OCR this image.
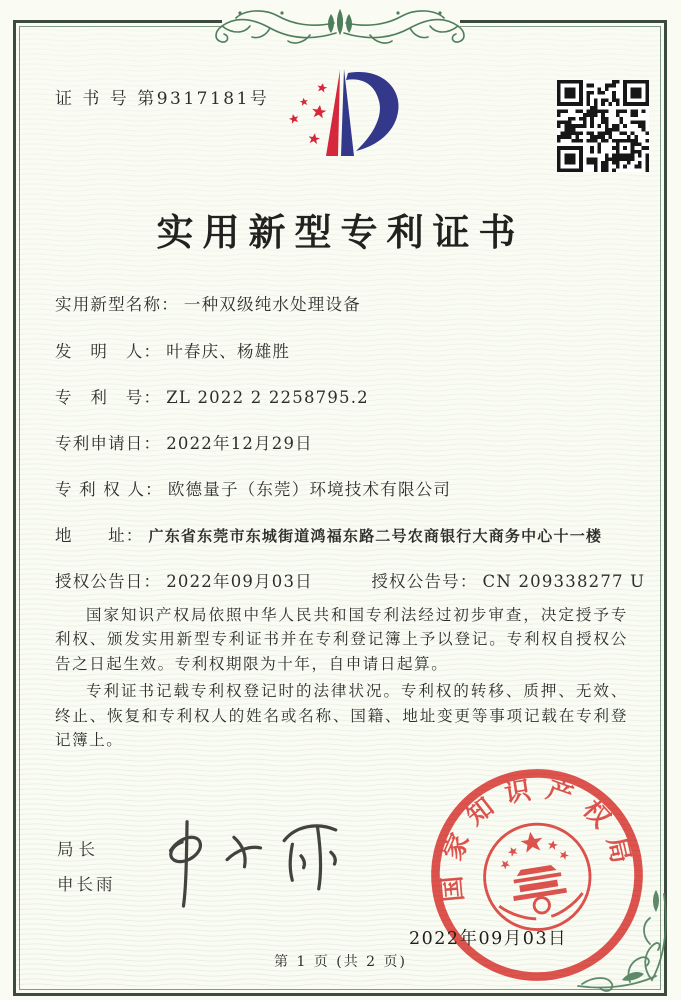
证 书 号 第9317181号
实用新型专利证书
实用新型名称： 一种双级纯水处理设备
发　明　人： 叶春庆、杨雄胜
专　利　号： ZL 2022 2 2258795.2
专利申请日： 2022年12月29日
专 利 权 人： 欧德量子（东莞）环境技术有限公司
地　　址： 广东省东莞市东城街道鸿福东路二号农商银行大商务中心十一楼
授权公告日： 2022年09月03日	授权公告号： CN 209338277 U

国家知识产权局依照中华人民共和国专利法经过初步审查，决定授予专利权、颁发实用新型专利证书并在专利登记簿上予以登记。专利权自授权公告之日起生效。专利权期限为十年，自申请日起算。

专利证书记载专利权登记时的法律状况。专利权的转移、质押、无效、终止、恢复和专利权人的姓名或名称、国籍、地址变更等事项记载在专利登记簿上。

局长
申长雨	国家知识产权局
2022年09月03日
第 1 页 (共 2 页)
